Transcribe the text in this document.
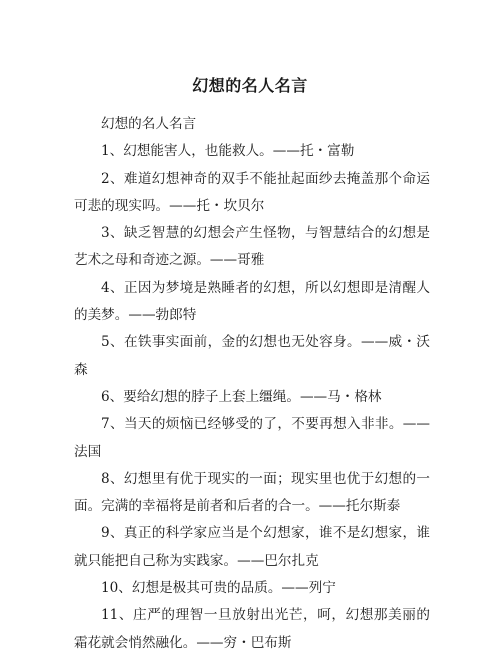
幻想的名人名言

幻想的名人名言

1、幻想能害人，也能救人。——托・富勒

2、难道幻想神奇的双手不能扯起面纱去掩盖那个命运可悲的现实吗。——托・坎贝尔

3、缺乏智慧的幻想会产生怪物，与智慧结合的幻想是艺术之母和奇迹之源。——哥雅

4、正因为梦境是熟睡者的幻想，所以幻想即是清醒人的美梦。——勃郎特

5、在铁事实面前，金的幻想也无处容身。——威・沃森

6、要给幻想的脖子上套上缰绳。——马・格林

7、当天的烦恼已经够受的了，不要再想入非非。——法国

8、幻想里有优于现实的一面；现实里也优于幻想的一面。完满的幸福将是前者和后者的合一。——托尔斯泰

9、真正的科学家应当是个幻想家，谁不是幻想家，谁就只能把自己称为实践家。——巴尔扎克

10、幻想是极其可贵的品质。——列宁

11、庄严的理智一旦放射出光芒，呵，幻想那美丽的霜花就会悄然融化。——穷・巴布斯
